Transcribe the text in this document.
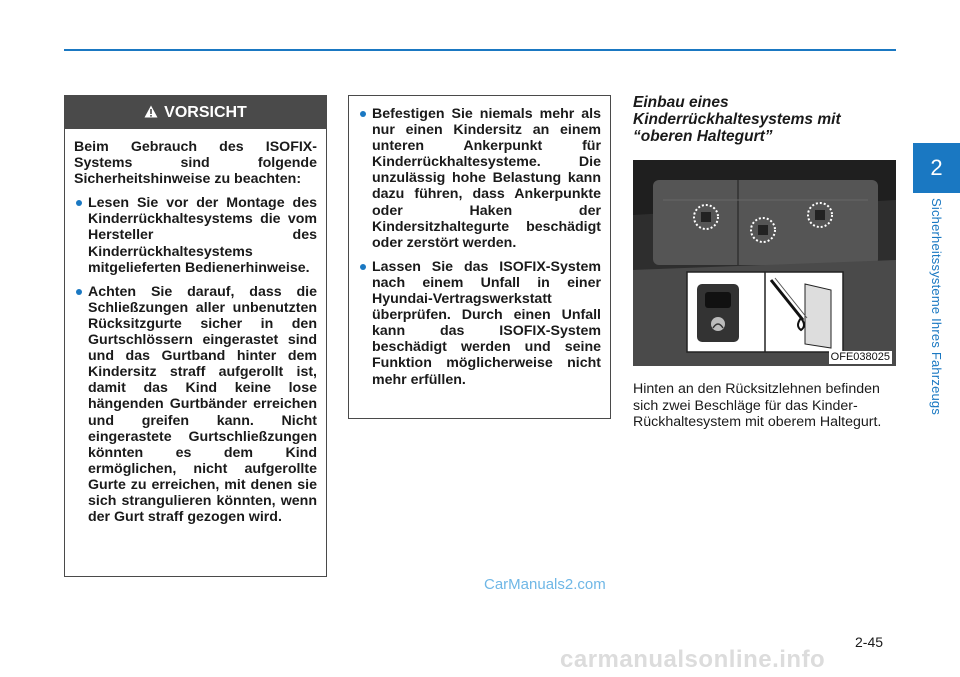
2
Sicherheitssysteme Ihres Fahrzeugs
VORSICHT

Beim Gebrauch des ISOFIX-Systems sind folgende Sicherheitshinweise zu beachten:

Lesen Sie vor der Montage des Kinderrückhaltesystems die vom Hersteller des Kinderrückhaltesystems mitgelieferten Bedienerhinweise.
Achten Sie darauf, dass die Schließzungen aller unbenutzten Rücksitzgurte sicher in den Gurtschlössern eingerastet sind und das Gurtband hinter dem Kindersitz straff aufgerollt ist, damit das Kind keine lose hängenden Gurtbänder erreichen und greifen kann. Nicht eingerastete Gurtschließzungen könnten es dem Kind ermöglichen, nicht aufgerollte Gurte zu erreichen, mit denen sie sich strangulieren könnten, wenn der Gurt straff gezogen wird.
Befestigen Sie niemals mehr als nur einen Kindersitz an einem unteren Ankerpunkt für Kinderrückhaltesysteme. Die unzulässig hohe Belastung kann dazu führen, dass Ankerpunkte oder Haken der Kindersitzhaltegurte beschädigt oder zerstört werden.
Lassen Sie das ISOFIX-System nach einem Unfall in einer Hyundai-Vertragswerkstatt überprüfen. Durch einen Unfall kann das ISOFIX-System beschädigt werden und seine Funktion möglicherweise nicht mehr erfüllen.
Einbau eines Kinderrückhaltesystems mit “oberen Haltegurt”
OFE038025

Hinten an den Rücksitzlehnen befinden sich zwei Beschläge für das Kinder-Rückhaltesystem mit oberem Haltegurt.

CarManuals2.com
2-45
carmanualsonline.info
